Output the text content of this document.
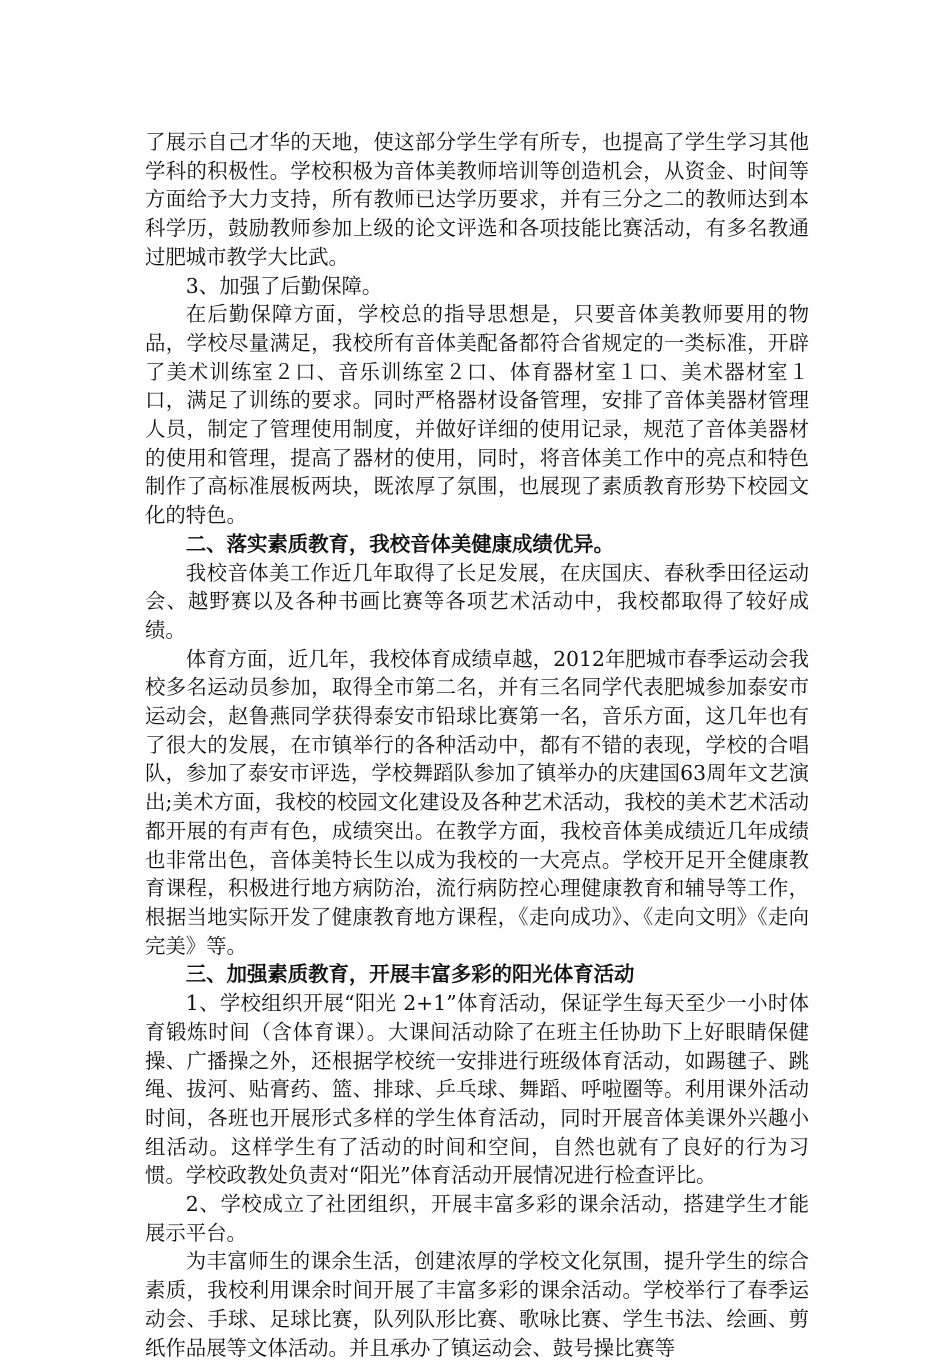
了展示自己才华的天地，使这部分学生学有所专，也提高了学生学习其他学科的积极性。学校积极为音体美教师培训等创造机会，从资金、时间等方面给予大力支持，所有教师已达学历要求，并有三分之二的教师达到本科学历，鼓励教师参加上级的论文评选和各项技能比赛活动，有多名教通过肥城市教学大比武。

3、加强了后勤保障。

在后勤保障方面，学校总的指导思想是，只要音体美教师要用的物品，学校尽量满足，我校所有音体美配备都符合省规定的一类标准，开辟了美术训练室２口、音乐训练室２口、体育器材室１口、美术器材室１口，满足了训练的要求。同时严格器材设备管理，安排了音体美器材管理人员，制定了管理使用制度，并做好详细的使用记录，规范了音体美器材的使用和管理，提高了器材的使用，同时，将音体美工作中的亮点和特色制作了高标准展板两块，既浓厚了氛围，也展现了素质教育形势下校园文化的特色。

二、落实素质教育，我校音体美健康成绩优异。

我校音体美工作近几年取得了长足发展，在庆国庆、春秋季田径运动会、越野赛以及各种书画比赛等各项艺术活动中，我校都取得了较好成绩。

体育方面，近几年，我校体育成绩卓越，2012年肥城市春季运动会我校多名运动员参加，取得全市第二名，并有三名同学代表肥城参加泰安市运动会，赵鲁燕同学获得泰安市铅球比赛第一名，音乐方面，这几年也有了很大的发展，在市镇举行的各种活动中，都有不错的表现，学校的合唱队，参加了泰安市评选，学校舞蹈队参加了镇举办的庆建国63周年文艺演出;美术方面，我校的校园文化建设及各种艺术活动，我校的美术艺术活动都开展的有声有色，成绩突出。在教学方面，我校音体美成绩近几年成绩也非常出色，音体美特长生以成为我校的一大亮点。学校开足开全健康教育课程，积极进行地方病防治，流行病防控心理健康教育和辅导等工作，根据当地实际开发了健康教育地方课程，《走向成功》、《走向文明》《走向完美》等。

三、加强素质教育，开展丰富多彩的阳光体育活动

1、学校组织开展“阳光 2+1”体育活动，保证学生每天至少一小时体育锻炼时间（含体育课）。大课间活动除了在班主任协助下上好眼睛保健操、广播操之外，还根据学校统一安排进行班级体育活动，如踢毽子、跳绳、拔河、贴膏药、篮、排球、乒乓球、舞蹈、呼啦圈等。利用课外活动时间，各班也开展形式多样的学生体育活动，同时开展音体美课外兴趣小组活动。这样学生有了活动的时间和空间，自然也就有了良好的行为习惯。学校政教处负责对“阳光”体育活动开展情况进行检查评比。

2、学校成立了社团组织，开展丰富多彩的课余活动，搭建学生才能展示平台。

为丰富师生的课余生活，创建浓厚的学校文化氛围，提升学生的综合素质，我校利用课余时间开展了丰富多彩的课余活动。学校举行了春季运动会、手球、足球比赛，队列队形比赛、歌咏比赛、学生书法、绘画、剪纸作品展等文体活动。并且承办了镇运动会、鼓号操比赛等
